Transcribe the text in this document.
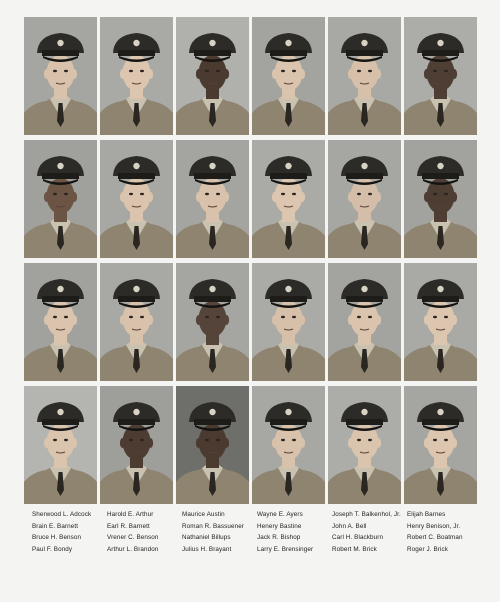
Sherwood L. Adcock
Brain E. Barnett
Bruce H. Benson
Paul F. Bondy
Harold E. Arthur
Earl R. Barnett
Vrener C. Benson
Arthur L. Brandon
Maurice Austin
Roman R. Bassuener
Nathaniel Billups
Julius H. Brayant
Wayne E. Ayers
Henery Bastine
Jack R. Bishop
Larry E. Brensinger
Joseph T. Balkenhol, Jr.
John A. Bell
Carl H. Blackburn
Robert M. Brick
Elijah Barnes
Henry Benison, Jr.
Robert C. Boatman
Roger J. Brick
